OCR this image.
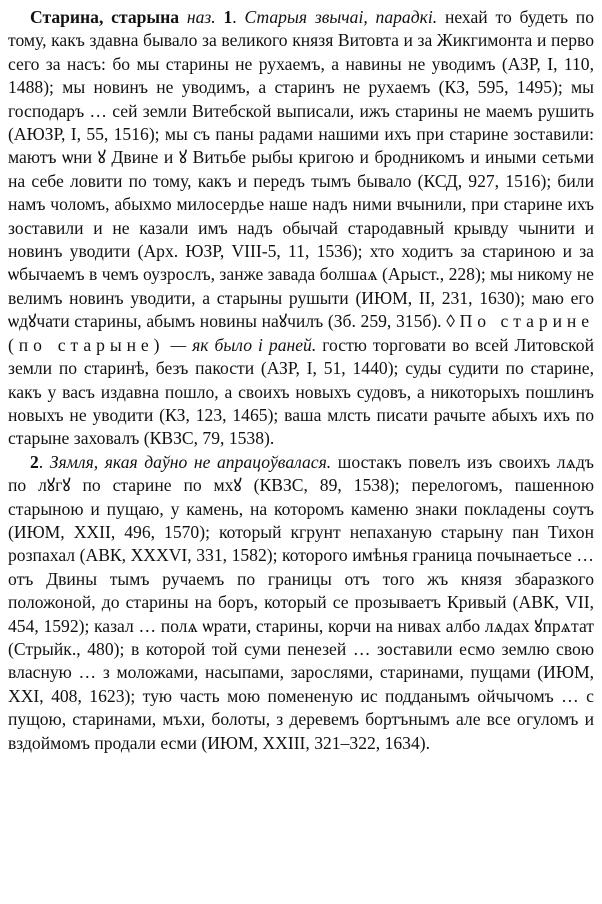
Старина, старына наз. 1. Старыя звычаі, парадкі. нехай то будеть по тому, какъ здавна бывало за великого князя Витовта и за Жикгимонта и перво сего за насъ: бо мы старины не рухаемъ, а навины не уводимъ (АЗР, I, 110, 1488); мы новинъ не уводимъ, а старинъ не рухаемъ (КЗ, 595, 1495); мы господаръ … сей земли Витебской выписали, ижъ старины не маемъ рушить (АЮЗР, I, 55, 1516); мы съ паны радами нашими ихъ при старине зоставили: маютъ ѡни ꙋ Двине и ꙋ Витьбе рыбы кригою и бродникомъ и иными сетьми на себе ловити по тому, какъ и передъ тымъ бывало (КСД, 927, 1516); били намъ чоломъ, абыхмо милосердье наше надъ ними вчынили, при старине ихъ зоставили и не казали имъ надъ обычай стародавный крывду чынити и новинъ уводити (Арх. ЮЗР, VIII-5, 11, 1536); хто ходитъ за стариною и за ѡбычаемъ в чемъ оузрослъ, занже завада болшаѧ (Арыст., 228); мы никому не велимъ новинъ уводити, а старыны рушыти (ИЮМ, II, 231, 1630); маю его ѡдꙋчати старины, абымъ новины наꙋчилъ (Зб. 259, 315б). ◊ По старине (по старыне) — як было і раней. гостю торговати во всей Литовской земли по старинѣ, безъ пакости (АЗР, I, 51, 1440); суды судити по старине, какъ у васъ издавна пошло, а своихъ новыхъ судовъ, а никоторыхъ пошлинъ новыхъ не уводити (КЗ, 123, 1465); ваша млсть писати рачыте абыхъ ихъ по старыне заховалъ (КВЗС, 79, 1538).

2. Зямля, якая даўно не апрацоўвалася. шостакъ повелъ изъ своихъ лѧдъ по лꙋгꙋ по старине по мхꙋ (КВЗС, 89, 1538); перелогомъ, пашенною старыною и пущаю, у камень, на которомъ каменю знаки покладены соутъ (ИЮМ, XXII, 496, 1570); который кгрунт непаханую старыну пан Тихон розпахал (АВК, XXXVI, 331, 1582); которого имѣнья граница почынаетьсе … отъ Двины тымъ ручаемъ по границы отъ того жъ князя збаразкого положоной, до старины на боръ, который се прозываетъ Кривый (АВК, VII, 454, 1592); казал … полѧ ѡрати, старины, корчи на нивах албо лѧдах ꙋпрѧтат (Стрыйк., 480); в которой той суми пенезей … зоставили есмо землю свою власную … з моложами, насыпами, зарослями, старинами, пущами (ИЮМ, XXI, 408, 1623); тую часть мою помененую ис подданымъ ойчычомъ … с пущою, старинами, мъхи, болоты, з деревемъ бортънымъ але все огуломъ и вздоймомъ продали есми (ИЮМ, XXIII, 321–322, 1634).
